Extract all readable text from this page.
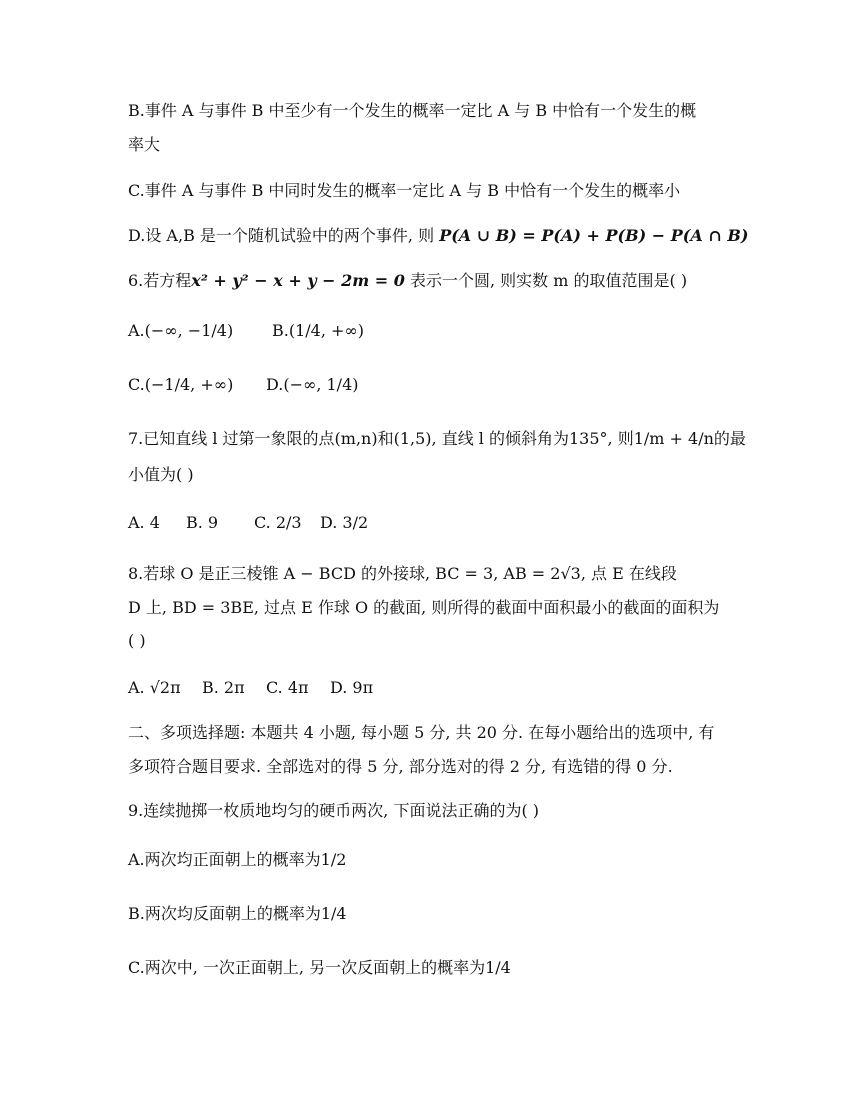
B.事件 A 与事件 B 中至少有一个发生的概率一定比 A 与 B 中恰有一个发生的概
率大
C.事件 A 与事件 B 中同时发生的概率一定比 A 与 B 中恰有一个发生的概率小
D.设 A,B 是一个随机试验中的两个事件, 则 P(A ∪ B) = P(A) + P(B) − P(A ∩ B)
6.若方程x² + y² − x + y − 2m = 0 表示一个圆, 则实数 m 的取值范围是( )
A.(−∞, −1/4) B.(1/4, +∞)
C.(−1/4, +∞) D.(−∞, 1/4)
7.已知直线 l 过第一象限的点(m,n)和(1,5), 直线 l 的倾斜角为135°, 则1/m + 4/n的最
小值为( )
A. 4 B. 9 C. 2/3 D. 3/2
8.若球 O 是正三棱锥 A − BCD 的外接球, BC = 3, AB = 2√3, 点 E 在线段
D 上, BD = 3BE, 过点 E 作球 O 的截面, 则所得的截面中面积最小的截面的面积为
( )
A. √2π B. 2π C. 4π D. 9π
二、多项选择题: 本题共 4 小题, 每小题 5 分, 共 20 分. 在每小题给出的选项中, 有
多项符合题目要求. 全部选对的得 5 分, 部分选对的得 2 分, 有选错的得 0 分.
9.连续抛掷一枚质地均匀的硬币两次, 下面说法正确的为( )
A.两次均正面朝上的概率为1/2
B.两次均反面朝上的概率为1/4
C.两次中, 一次正面朝上, 另一次反面朝上的概率为1/4
